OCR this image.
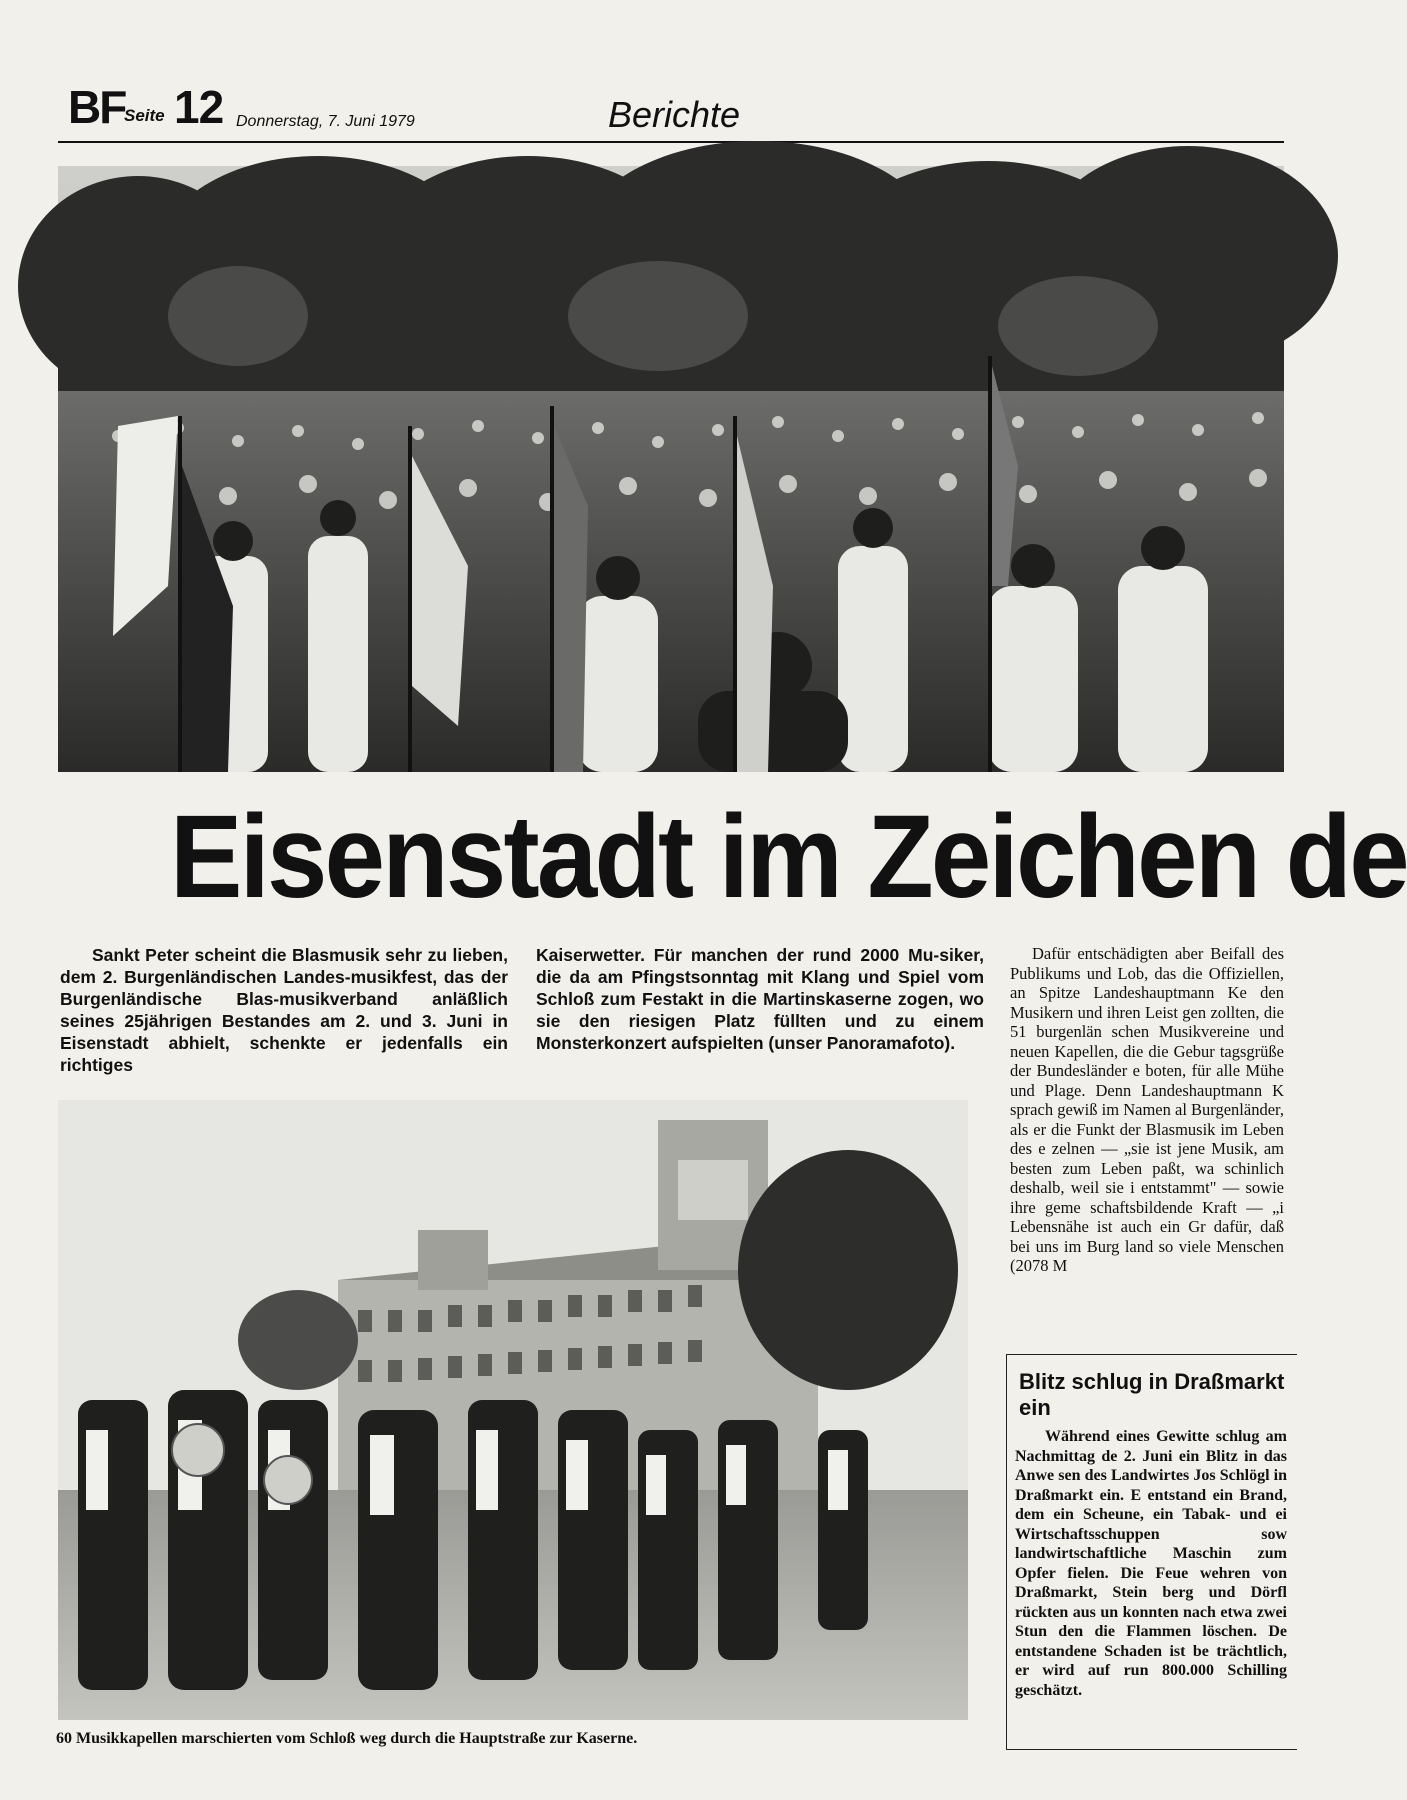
BF
Seite 12 Donnerstag, 7. Juni 1979	Berichte
Eisenstadt im Zeichen de
Sankt Peter scheint die Blasmusik sehr zu lieben, dem 2. Burgenländischen Landes-musikfest, das der Burgenländische Blas-musikverband anläßlich seines 25jährigen Bestandes am 2. und 3. Juni in Eisenstadt abhielt, schenkte er jedenfalls ein richtiges
Kaiserwetter. Für manchen der rund 2000 Mu-siker, die da am Pfingstsonntag mit Klang und Spiel vom Schloß zum Festakt in die Martinskaserne zogen, wo sie den riesigen Platz füllten und zu einem Monsterkonzert aufspielten (unser Panoramafoto).
Dafür entschädigten aber Beifall des Publikums und Lob, das die Offiziellen, an Spitze Landeshauptmann Ke den Musikern und ihren Leist gen zollten, die 51 burgenlän schen Musikvereine und neuen Kapellen, die die Gebur tagsgrüße der Bundesländer e boten, für alle Mühe und Plage. Denn Landeshauptmann K sprach gewiß im Namen al Burgenländer, als er die Funkt der Blasmusik im Leben des e zelnen — „sie ist jene Musik, am besten zum Leben paßt, wa schinlich deshalb, weil sie i entstammt" — sowie ihre geme schaftsbildende Kraft — „i Lebensnähe ist auch ein Gr dafür, daß bei uns im Burg land so viele Menschen (2078 M
Blitz schlug in Draßmarkt ein
Während eines Gewitte schlug am Nachmittag de 2. Juni ein Blitz in das Anwe sen des Landwirtes Jos Schlögl in Draßmarkt ein. E entstand ein Brand, dem ein Scheune, ein Tabak- und ei Wirtschaftsschuppen sow landwirtschaftliche Maschin zum Opfer fielen. Die Feue wehren von Draßmarkt, Stein berg und Dörfl rückten aus un konnten nach etwa zwei Stun den die Flammen löschen. De entstandene Schaden ist be trächtlich, er wird auf run 800.000 Schilling geschätzt.
60 Musikkapellen marschierten vom Schloß weg durch die Hauptstraße zur Kaserne.
